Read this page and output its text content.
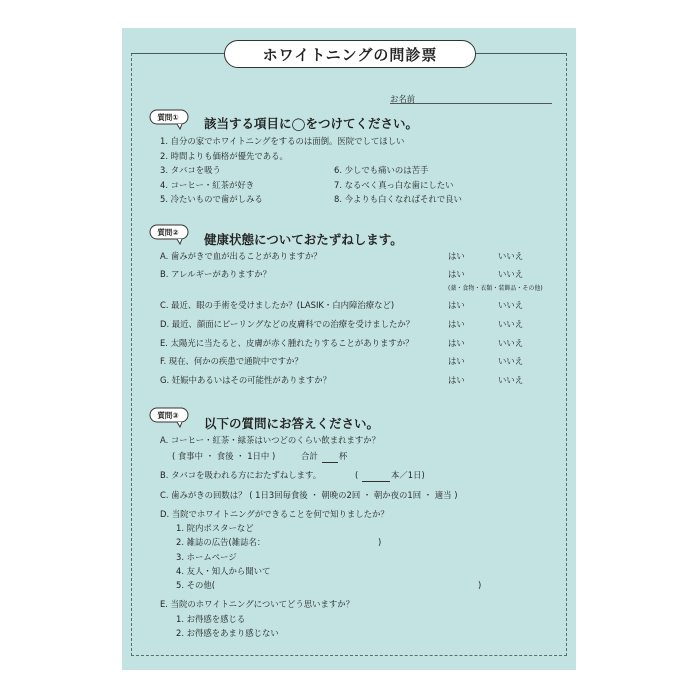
ホワイトニングの問診票
お名前
質問①	該当する項目に◯をつけてください。
1. 自分の家でホワイトニングをするのは面倒。医院でしてほしい
2. 時間よりも価格が優先である。
3. タバコを吸う
4. コーヒー・紅茶が好き
5. 冷たいもので歯がしみる
6. 少しでも痛いのは苦手
7. なるべく真っ白な歯にしたい
8. 今よりも白くなればそれで良い
質問②	健康状態についておたずねします。
A. 歯みがきで血が出ることがありますか？	はい	いいえ
B. アレルギーがありますか？	はい	いいえ
(薬・食物・衣類・装飾品・その他)
C. 最近、眼の手術を受けましたか？(LASIK・白内障治療など)	はい	いいえ
D. 最近、顔面にピーリングなどの皮膚科での治療を受けましたか？	はい	いいえ
E. 太陽光に当たると、皮膚が赤く腫れたりすることがありますか？	はい	いいえ
F. 現在、何かの疾患で通院中ですか？	はい	いいえ
G. 妊娠中あるいはその可能性がありますか？	はい	いいえ
質問③
以下の質問にお答えください。
A. コーヒー・紅茶・緑茶はいつどのくらい飲まれますか？
( 食事中 ・ 食後 ・ 1日中 )	合計	杯
B. タバコを吸われる方におたずねします。	(	本／1日)
C. 歯みがきの回数は？ ( 1日3回毎食後 ・ 朝晩の2回 ・ 朝か夜の1回 ・ 適当 )
D. 当院でホワイトニングができることを何で知りましたか？
1. 院内ポスターなど
2. 雑誌の広告(雑誌名：	)
3. ホームページ
4. 友人・知人から聞いて
5. その他(	)
E. 当院のホワイトニングについてどう思いますか？
1. お得感を感じる
2. お得感をあまり感じない
